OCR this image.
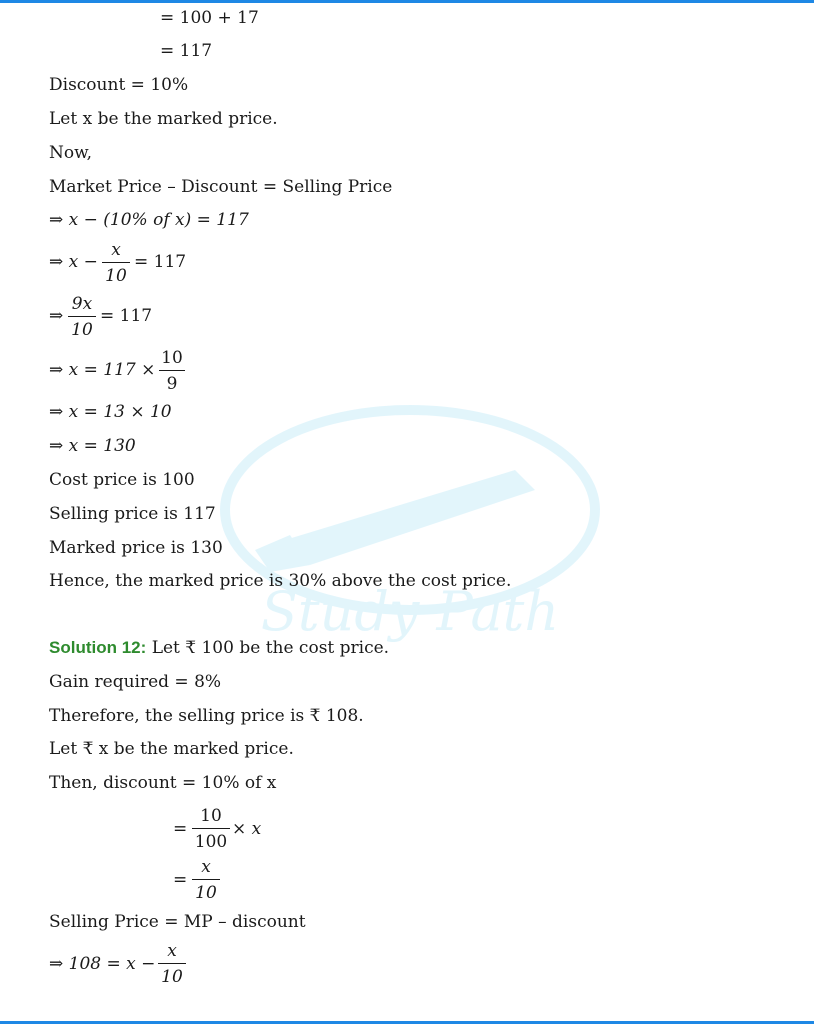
Study Path
= 100 + 17
= 117
Discount = 10%
Let x be the marked price.
Now,
Market Price – Discount = Selling Price
⇒ x − (10% of x) = 117
⇒ x −
x
10
= 117
⇒
9x
10
= 117
⇒ x = 117 ×
10
9
⇒ x = 13 × 10
⇒ x = 130
Cost price is 100
Selling price is 117
Marked price is 130
Hence, the marked price is 30% above the cost price.
Solution 12: Let ₹ 100 be the cost price.
Gain required = 8%
Therefore, the selling price is ₹ 108.
Let ₹ x be the marked price.
Then, discount = 10% of x
=
10
100
× x
=
x
10
Selling Price = MP – discount
⇒ 108 = x −
x
10
